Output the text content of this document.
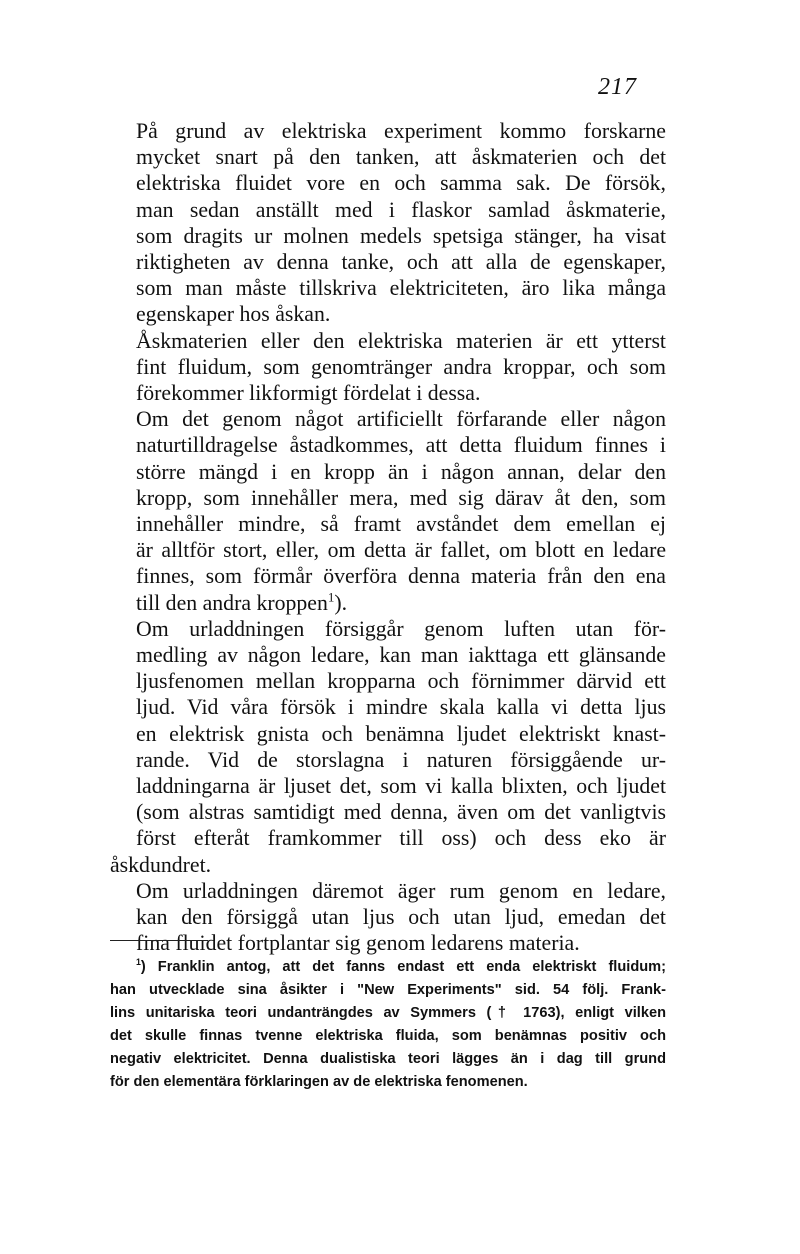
217

På grund av elektriska experiment kommo forskarne
mycket snart på den tanken, att åskmaterien och det
elektriska fluidet vore en och samma sak. De försök,
man sedan anställt med i flaskor samlad åskmaterie,
som dragits ur molnen medels spetsiga stänger, ha visat
riktigheten av denna tanke, och att alla de egenskaper,
som man måste tillskriva elektriciteten, äro lika många
egenskaper hos åskan.

Åskmaterien eller den elektriska materien är ett ytterst
fint fluidum, som genomtränger andra kroppar, och som
förekommer likformigt fördelat i dessa.

Om det genom något artificiellt förfarande eller någon
naturtilldragelse åstadkommes, att detta fluidum finnes i
större mängd i en kropp än i någon annan, delar den
kropp, som innehåller mera, med sig därav åt den, som
innehåller mindre, så framt avståndet dem emellan ej
är alltför stort, eller, om detta är fallet, om blott en ledare
finnes, som förmår överföra denna materia från den ena
till den andra kroppen$^1$).

Om urladdningen försiggår genom luften utan för-
medling av någon ledare, kan man iakttaga ett glänsande
ljusfenomen mellan kropparna och förnimmer därvid ett
ljud. Vid våra försök i mindre skala kalla vi detta ljus
en elektrisk gnista och benämna ljudet elektriskt knast-
rande. Vid de storslagna i naturen försiggående ur-
laddningarna är ljuset det, som vi kalla blixten, och ljudet
(som alstras samtidigt med denna, även om det vanligtvis
först efteråt framkommer till oss) och dess eko är åskdundret.

Om urladdningen däremot äger rum genom en ledare,
kan den försiggå utan ljus och utan ljud, emedan det
fina fluidet fortplantar sig genom ledarens materia.

$^1$) Franklin antog, att det fanns endast ett enda elektriskt fluidum;
han utvecklade sina åsikter i "New Experiments" sid. 54 följ. Frank-
lins unitariska teori undanträngdes av Symmers († 1763), enligt vilken
det skulle finnas tvenne elektriska fluida, som benämnas positiv och
negativ elektricitet. Denna dualistiska teori lägges än i dag till grund
för den elementära förklaringen av de elektriska fenomenen.
